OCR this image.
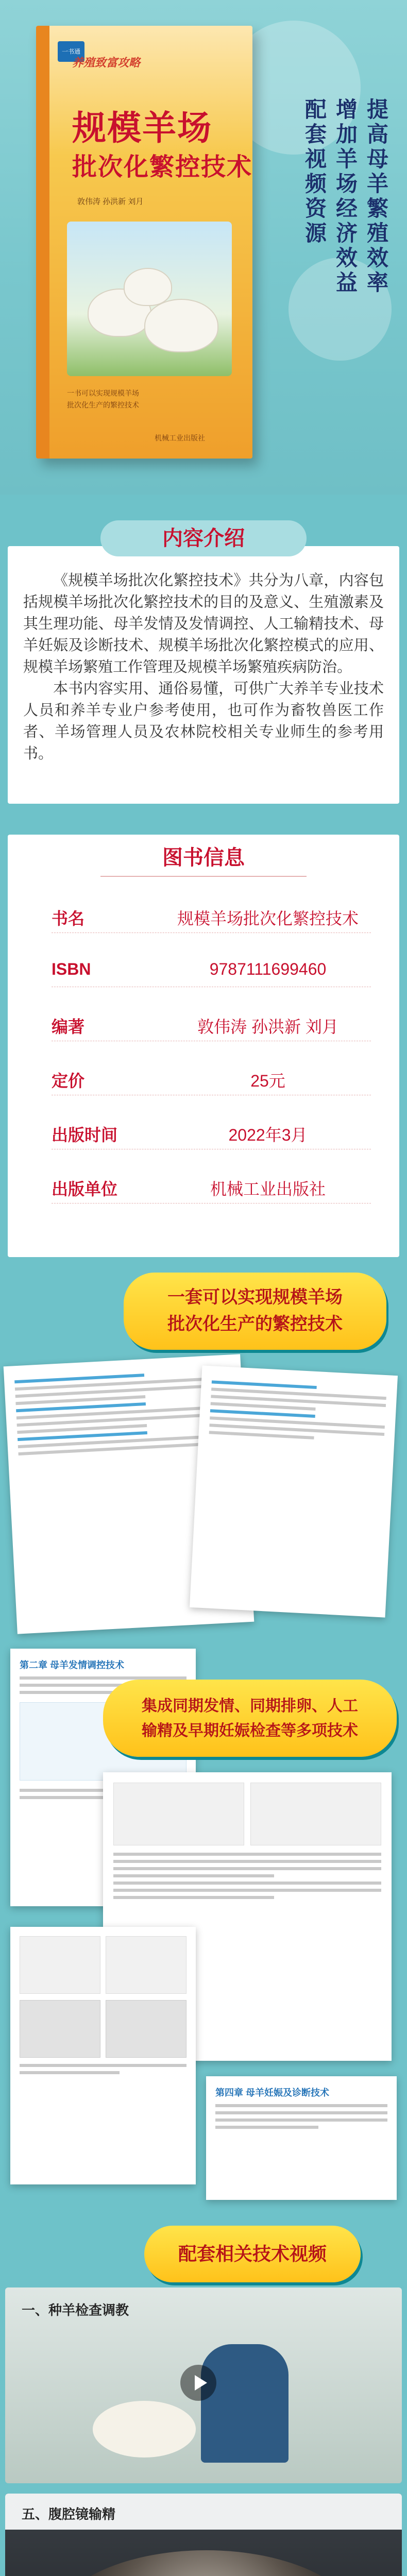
一书通
养殖致富攻略
规模羊场
批次化繁控技术
敦伟涛 孙洪新 刘月
一书可以实现规模羊场
批次化生产的繁控技术
机械工业出版社
提高母羊繁殖效率
增加羊场经济效益
配套视频资源
内容介绍

《规模羊场批次化繁控技术》共分为八章，内容包括规模羊场批次化繁控技术的目的及意义、生殖激素及其生理功能、母羊发情及发情调控、人工输精技术、母羊妊娠及诊断技术、规模羊场批次化繁控模式的应用、规模羊场繁殖工作管理及规模羊场繁殖疾病防治。

本书内容实用、通俗易懂，可供广大养羊专业技术人员和养羊专业户参考使用，也可作为畜牧兽医工作者、羊场管理人员及农林院校相关专业师生的参考用书。

图书信息
书名	规模羊场批次化繁控技术
ISBN	9787111699460
编著	敦伟涛 孙洪新 刘月
定价	25元
出版时间	2022年3月
出版单位	机械工业出版社
一套可以实现规模羊场
批次化生产的繁控技术
第二章 母羊发情调控技术
集成同期发情、同期排卵、人工
输精及早期妊娠检查等多项技术
第四章 母羊妊娠及诊断技术
配套相关技术视频
一、种羊检查调教
五、腹腔镜输精
